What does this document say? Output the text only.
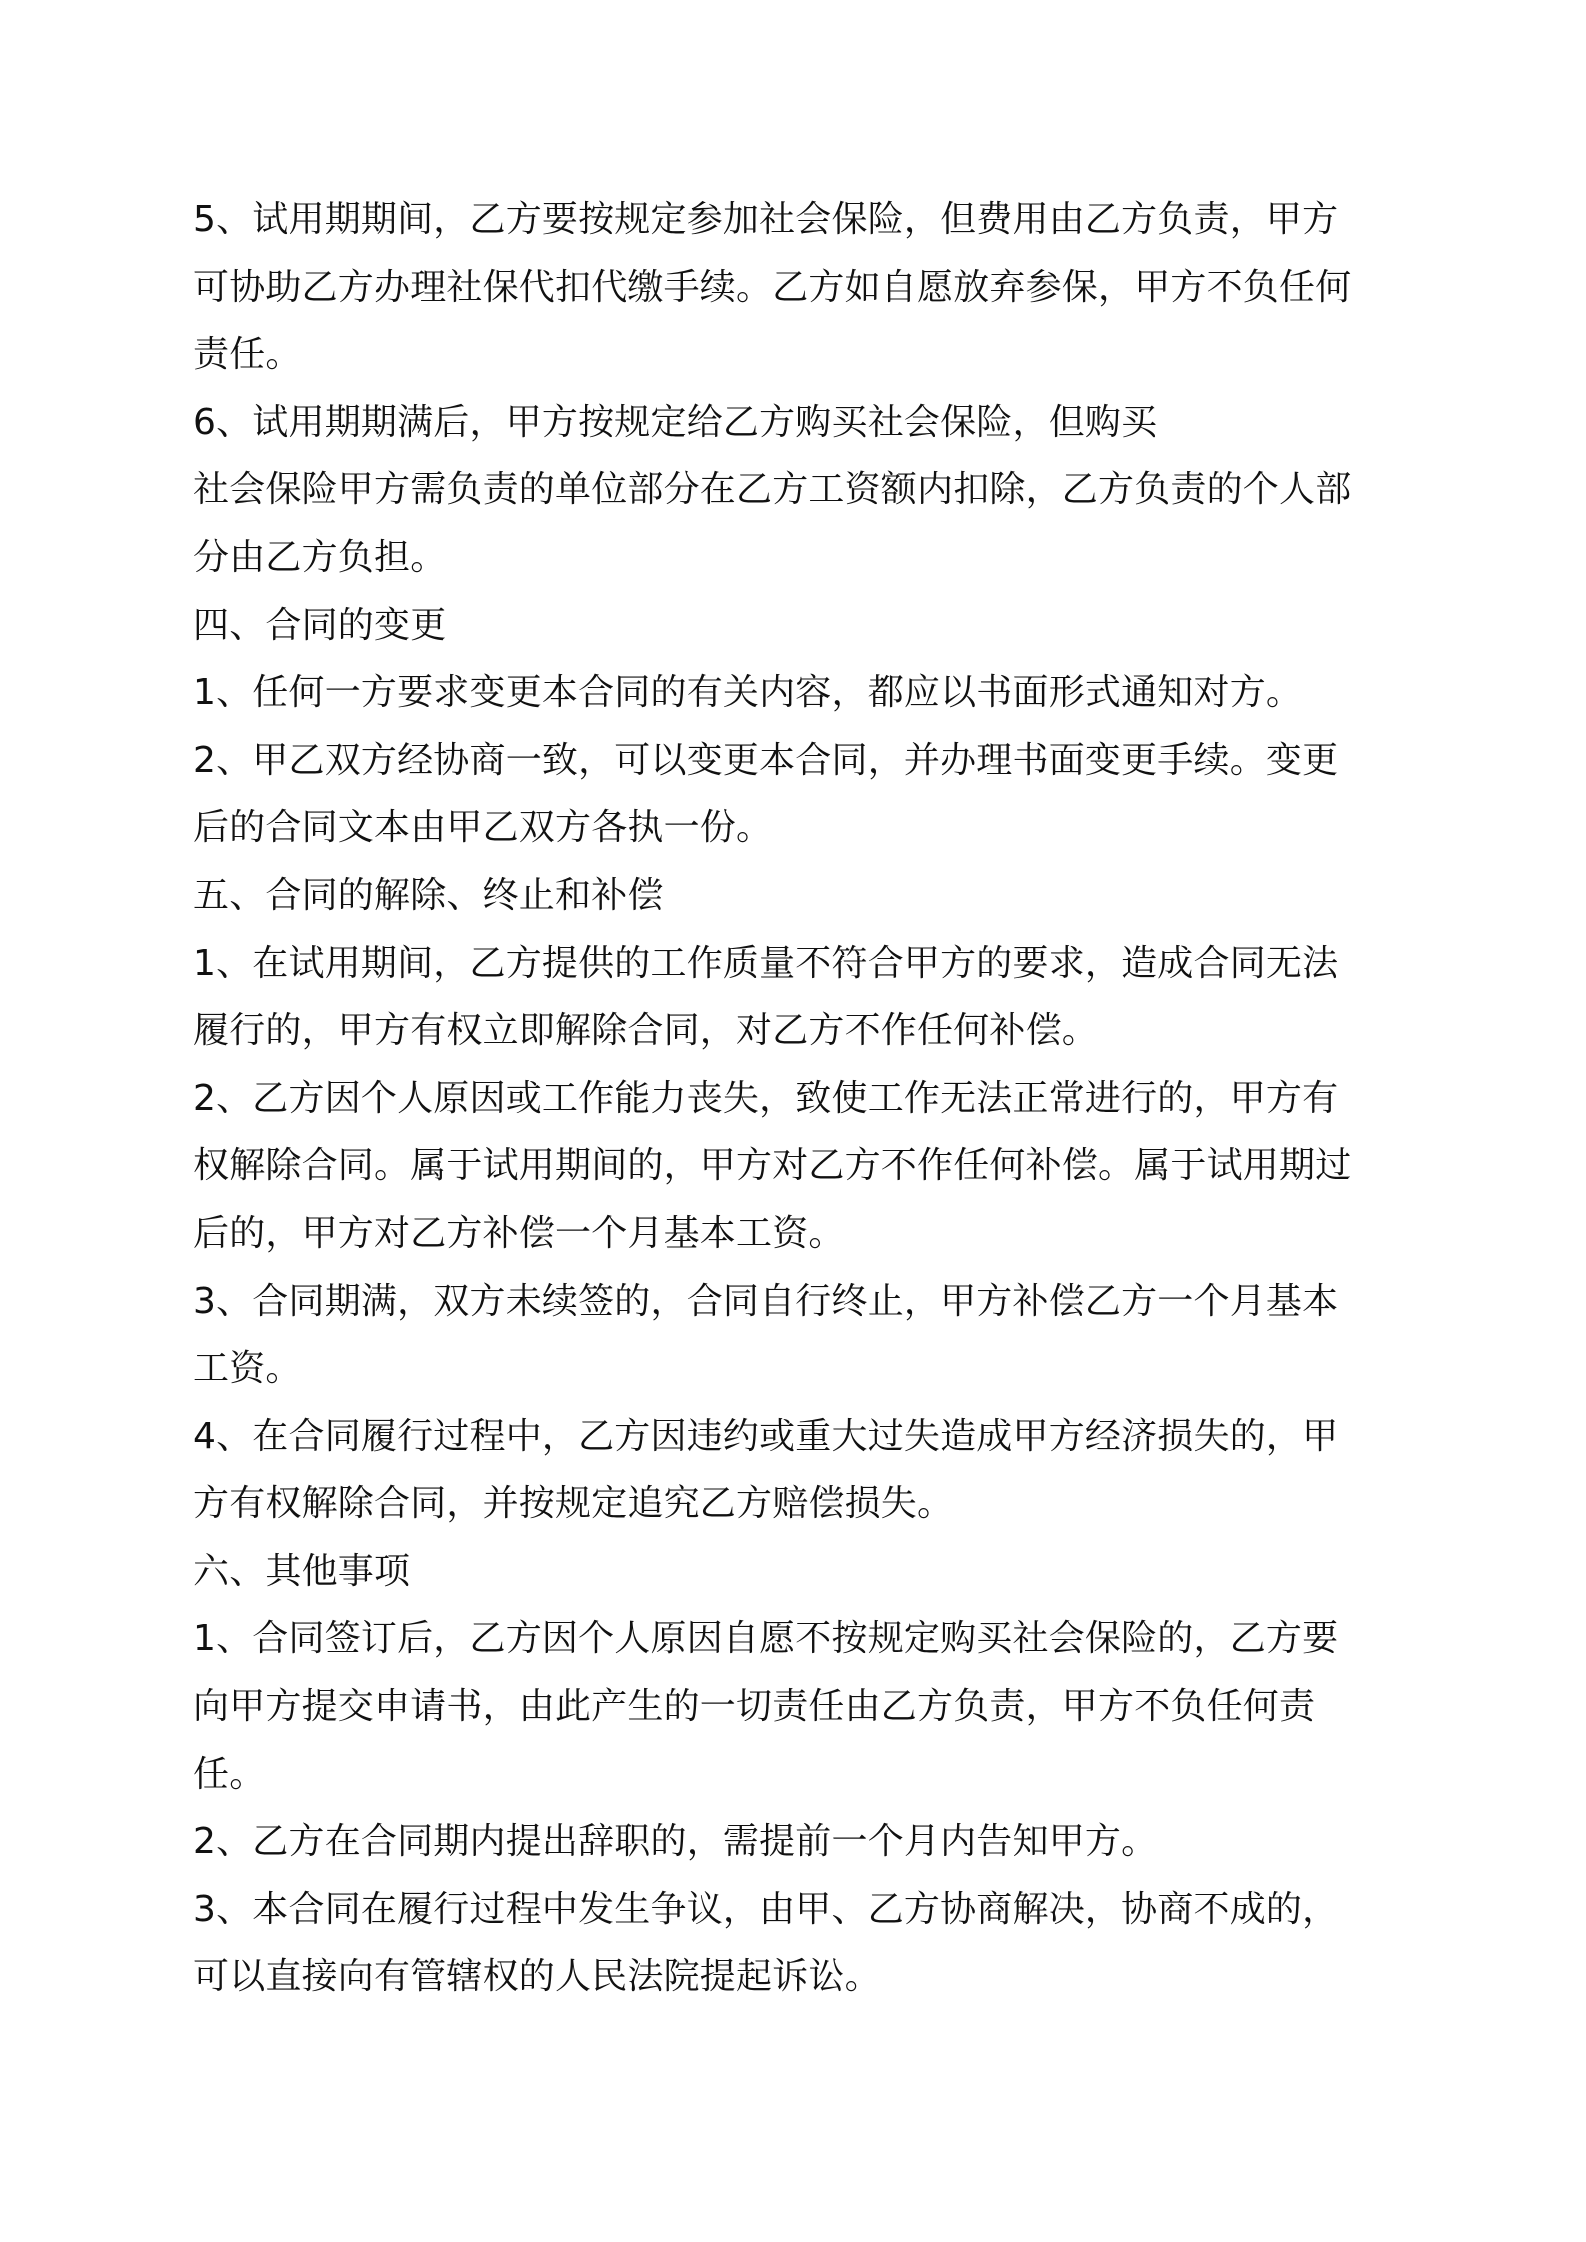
5、试用期期间，乙方要按规定参加社会保险，但费用由乙方负责，甲方
可协助乙方办理社保代扣代缴手续。乙方如自愿放弃参保，甲方不负任何
责任。
6、试用期期满后，甲方按规定给乙方购买社会保险，但购买
社会保险甲方需负责的单位部分在乙方工资额内扣除，乙方负责的个人部
分由乙方负担。
四、合同的变更
1、任何一方要求变更本合同的有关内容，都应以书面形式通知对方。
2、甲乙双方经协商一致，可以变更本合同，并办理书面变更手续。变更
后的合同文本由甲乙双方各执一份。
五、合同的解除、终止和补偿
1、在试用期间，乙方提供的工作质量不符合甲方的要求，造成合同无法
履行的，甲方有权立即解除合同，对乙方不作任何补偿。
2、乙方因个人原因或工作能力丧失，致使工作无法正常进行的，甲方有
权解除合同。属于试用期间的，甲方对乙方不作任何补偿。属于试用期过
后的，甲方对乙方补偿一个月基本工资。
3、合同期满，双方未续签的，合同自行终止，甲方补偿乙方一个月基本
工资。
4、在合同履行过程中，乙方因违约或重大过失造成甲方经济损失的，甲
方有权解除合同，并按规定追究乙方赔偿损失。
六、其他事项
1、合同签订后，乙方因个人原因自愿不按规定购买社会保险的，乙方要
向甲方提交申请书，由此产生的一切责任由乙方负责，甲方不负任何责
任。
2、乙方在合同期内提出辞职的，需提前一个月内告知甲方。
3、本合同在履行过程中发生争议，由甲、乙方协商解决，协商不成的，
可以直接向有管辖权的人民法院提起诉讼。
